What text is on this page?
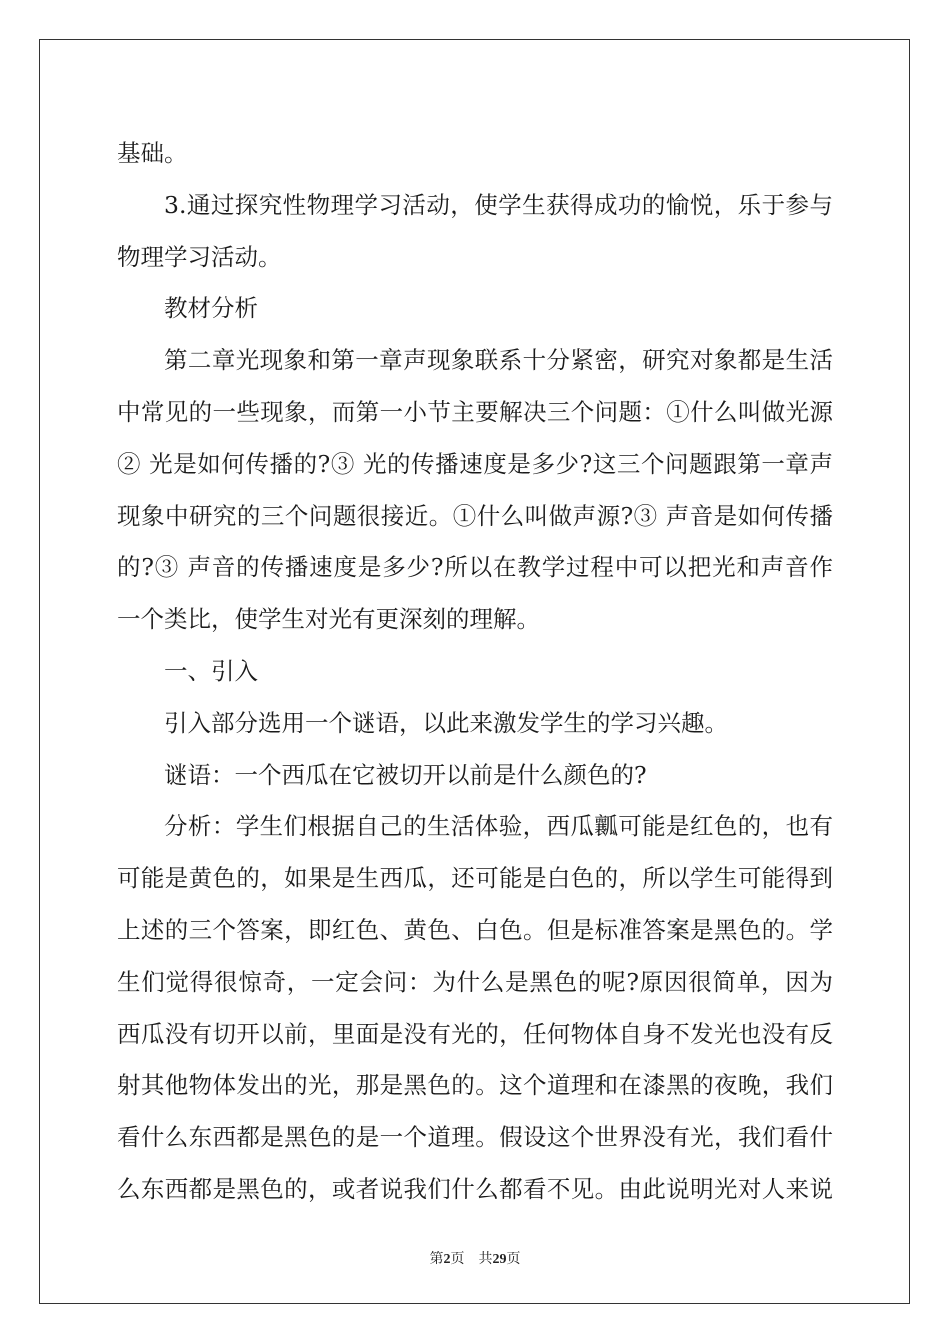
基础。
3.通过探究性物理学习活动，使学生获得成功的愉悦，乐于参与
物理学习活动。
教材分析
第二章光现象和第一章声现象联系十分紧密，研究对象都是生活
中常见的一些现象，而第一小节主要解决三个问题：①什么叫做光源
② 光是如何传播的?③ 光的传播速度是多少?这三个问题跟第一章声
现象中研究的三个问题很接近。①什么叫做声源?③ 声音是如何传播
的?③ 声音的传播速度是多少?所以在教学过程中可以把光和声音作
一个类比，使学生对光有更深刻的理解。
一、引入
引入部分选用一个谜语，以此来激发学生的学习兴趣。
谜语：一个西瓜在它被切开以前是什么颜色的?
分析：学生们根据自己的生活体验，西瓜瓤可能是红色的，也有
可能是黄色的，如果是生西瓜，还可能是白色的，所以学生可能得到
上述的三个答案，即红色、黄色、白色。但是标准答案是黑色的。学
生们觉得很惊奇，一定会问：为什么是黑色的呢?原因很简单，因为
西瓜没有切开以前，里面是没有光的，任何物体自身不发光也没有反
射其他物体发出的光，那是黑色的。这个道理和在漆黑的夜晚，我们
看什么东西都是黑色的是一个道理。假设这个世界没有光，我们看什
么东西都是黑色的，或者说我们什么都看不见。由此说明光对人来说
第2页 共29页
